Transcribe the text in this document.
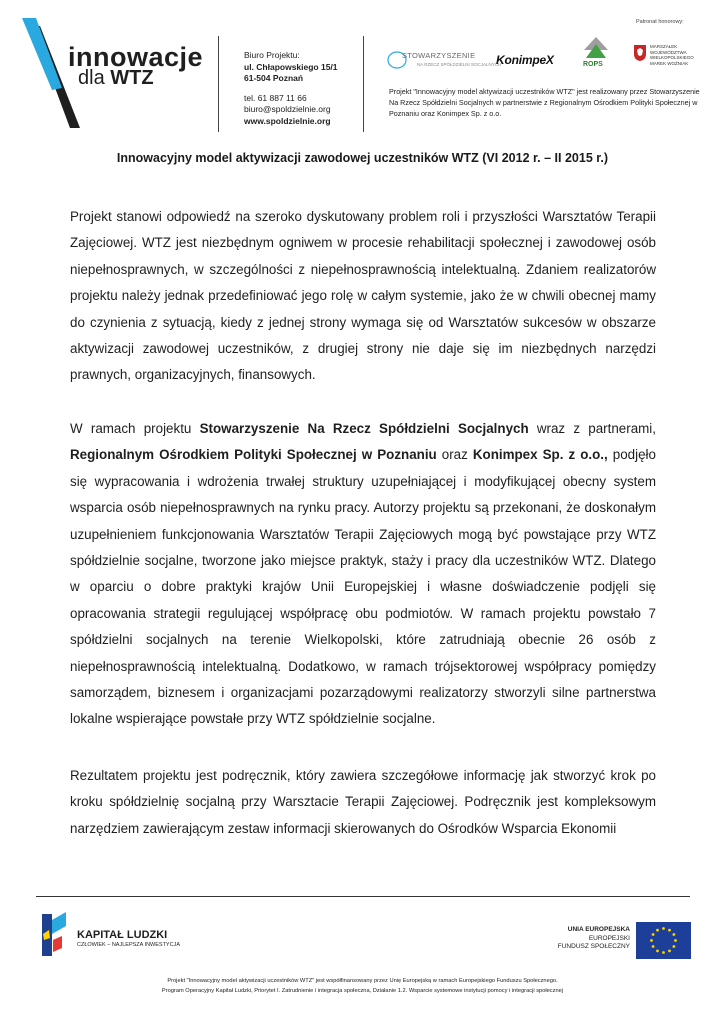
innowacje
dla WTZ
Biuro Projektu:
ul. Chłapowskiego 15/1
61-504 Poznań
tel. 61 887 11 66
biuro@spoldzielnie.org
www.spoldzielnie.org
Patronat honorowy:
STOWARZYSZENIE
NA RZECZ SPÓŁDZIELNI SOCJALNYCH
KonimpeX	ROPS
MARSZAŁEK WOJEWÓDZTWA WIELKOPOLSKIEGO MAREK WOŹNIAK
Projekt "Innowacyjny model aktywizacji uczestników WTZ" jest realizowany przez Stowarzyszenie Na Rzecz Spółdzielni Socjalnych w partnerstwie z Regionalnym Ośrodkiem Polityki Społecznej w Poznaniu oraz Konimpex Sp. z o.o.
Innowacyjny model aktywizacji zawodowej uczestników WTZ (VI 2012 r. – II 2015 r.)
Projekt stanowi odpowiedź na szeroko dyskutowany problem roli i przyszłości Warsztatów Terapii Zajęciowej. WTZ jest niezbędnym ogniwem w procesie rehabilitacji społecznej i zawodowej osób niepełnosprawnych, w szczególności z niepełnosprawnością intelektualną. Zdaniem realizatorów projektu należy jednak przedefiniować jego rolę w całym systemie, jako że w chwili obecnej mamy do czynienia z sytuacją, kiedy z jednej strony wymaga się od Warsztatów sukcesów w obszarze aktywizacji zawodowej uczestników, z drugiej strony nie daje się im niezbędnych narzędzi prawnych, organizacyjnych, finansowych.
W ramach projektu Stowarzyszenie Na Rzecz Spółdzielni Socjalnych wraz z partnerami, Regionalnym Ośrodkiem Polityki Społecznej w Poznaniu oraz Konimpex Sp. z o.o., podjęło się wypracowania i wdrożenia trwałej struktury uzupełniającej i modyfikującej obecny system wsparcia osób niepełnosprawnych na rynku pracy. Autorzy projektu są przekonani, że doskonałym uzupełnieniem funkcjonowania Warsztatów Terapii Zajęciowych mogą być powstające przy WTZ spółdzielnie socjalne, tworzone jako miejsce praktyk, staży i pracy dla uczestników WTZ. Dlatego w oparciu o dobre praktyki krajów Unii Europejskiej i własne doświadczenie podjęli się opracowania strategii regulującej współpracę obu podmiotów. W ramach projektu powstało 7 spółdzielni socjalnych na terenie Wielkopolski, które zatrudniają obecnie 26 osób z niepełnosprawnością intelektualną. Dodatkowo, w ramach trójsektorowej współpracy pomiędzy samorządem, biznesem i organizacjami pozarządowymi realizatorzy stworzyli silne partnerstwa lokalne wspierające powstałe przy WTZ spółdzielnie socjalne.
Rezultatem projektu jest podręcznik, który zawiera szczegółowe informację jak stworzyć krok po kroku spółdzielnię socjalną przy Warsztacie Terapii Zajęciowej. Podręcznik jest kompleksowym narzędziem zawierającym zestaw informacji skierowanych do Ośrodków Wsparcia Ekonomii
KAPITAŁ LUDZKI
CZŁOWIEK – NAJLEPSZA INWESTYCJA
UNIA EUROPEJSKA
EUROPEJSKI
FUNDUSZ SPOŁECZNY
Projekt "Innowacyjny model aktywizacji uczestników WTZ" jest współfinansowany przez Unię Europejską w ramach Europejskiego Funduszu Społecznego.
Program Operacyjny Kapitał Ludzki, Priorytet I. Zatrudnienie i integracja społeczna, Działanie 1.2. Wsparcie systemowe instytucji pomocy i integracji społecznej
